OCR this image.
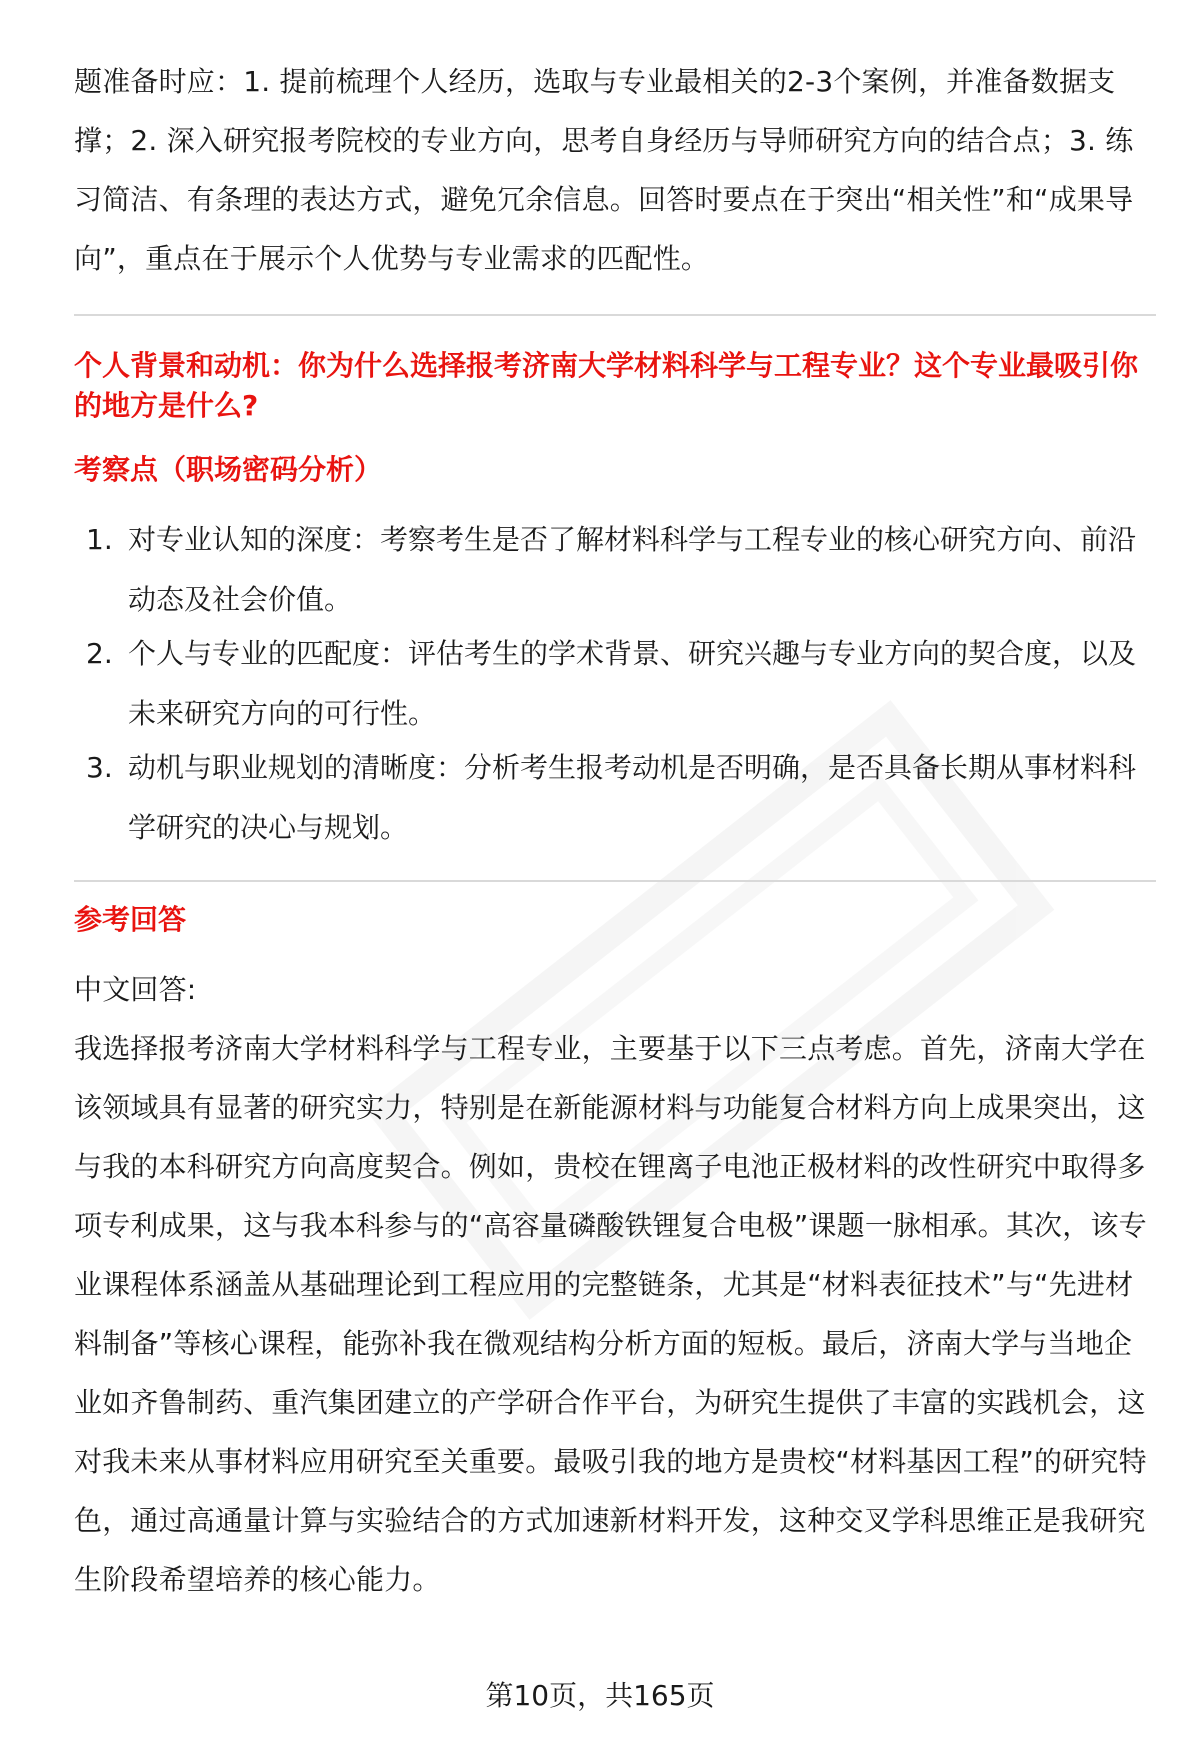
题准备时应：1. 提前梳理个人经历，选取与专业最相关的2-3个案例，并准备数据支撑；2. 深入研究报考院校的专业方向，思考自身经历与导师研究方向的结合点；3. 练习简洁、有条理的表达方式，避免冗余信息。回答时要点在于突出“相关性”和“成果导向”，重点在于展示个人优势与专业需求的匹配性。

个人背景和动机：你为什么选择报考济南大学材料科学与工程专业？这个专业最吸引你的地方是什么?

考察点（职场密码分析）

1. 对专业认知的深度：考察考生是否了解材料科学与工程专业的核心研究方向、前沿动态及社会价值。
2. 个人与专业的匹配度：评估考生的学术背景、研究兴趣与专业方向的契合度，以及未来研究方向的可行性。
3. 动机与职业规划的清晰度：分析考生报考动机是否明确，是否具备长期从事材料科学研究的决心与规划。

参考回答

中文回答:

我选择报考济南大学材料科学与工程专业，主要基于以下三点考虑。首先，济南大学在该领域具有显著的研究实力，特别是在新能源材料与功能复合材料方向上成果突出，这与我的本科研究方向高度契合。例如，贵校在锂离子电池正极材料的改性研究中取得多项专利成果，这与我本科参与的“高容量磷酸铁锂复合电极”课题一脉相承。其次，该专业课程体系涵盖从基础理论到工程应用的完整链条，尤其是“材料表征技术”与“先进材料制备”等核心课程，能弥补我在微观结构分析方面的短板。最后，济南大学与当地企业如齐鲁制药、重汽集团建立的产学研合作平台，为研究生提供了丰富的实践机会，这对我未来从事材料应用研究至关重要。最吸引我的地方是贵校“材料基因工程”的研究特色，通过高通量计算与实验结合的方式加速新材料开发，这种交叉学科思维正是我研究生阶段希望培养的核心能力。

第10页，共165页
